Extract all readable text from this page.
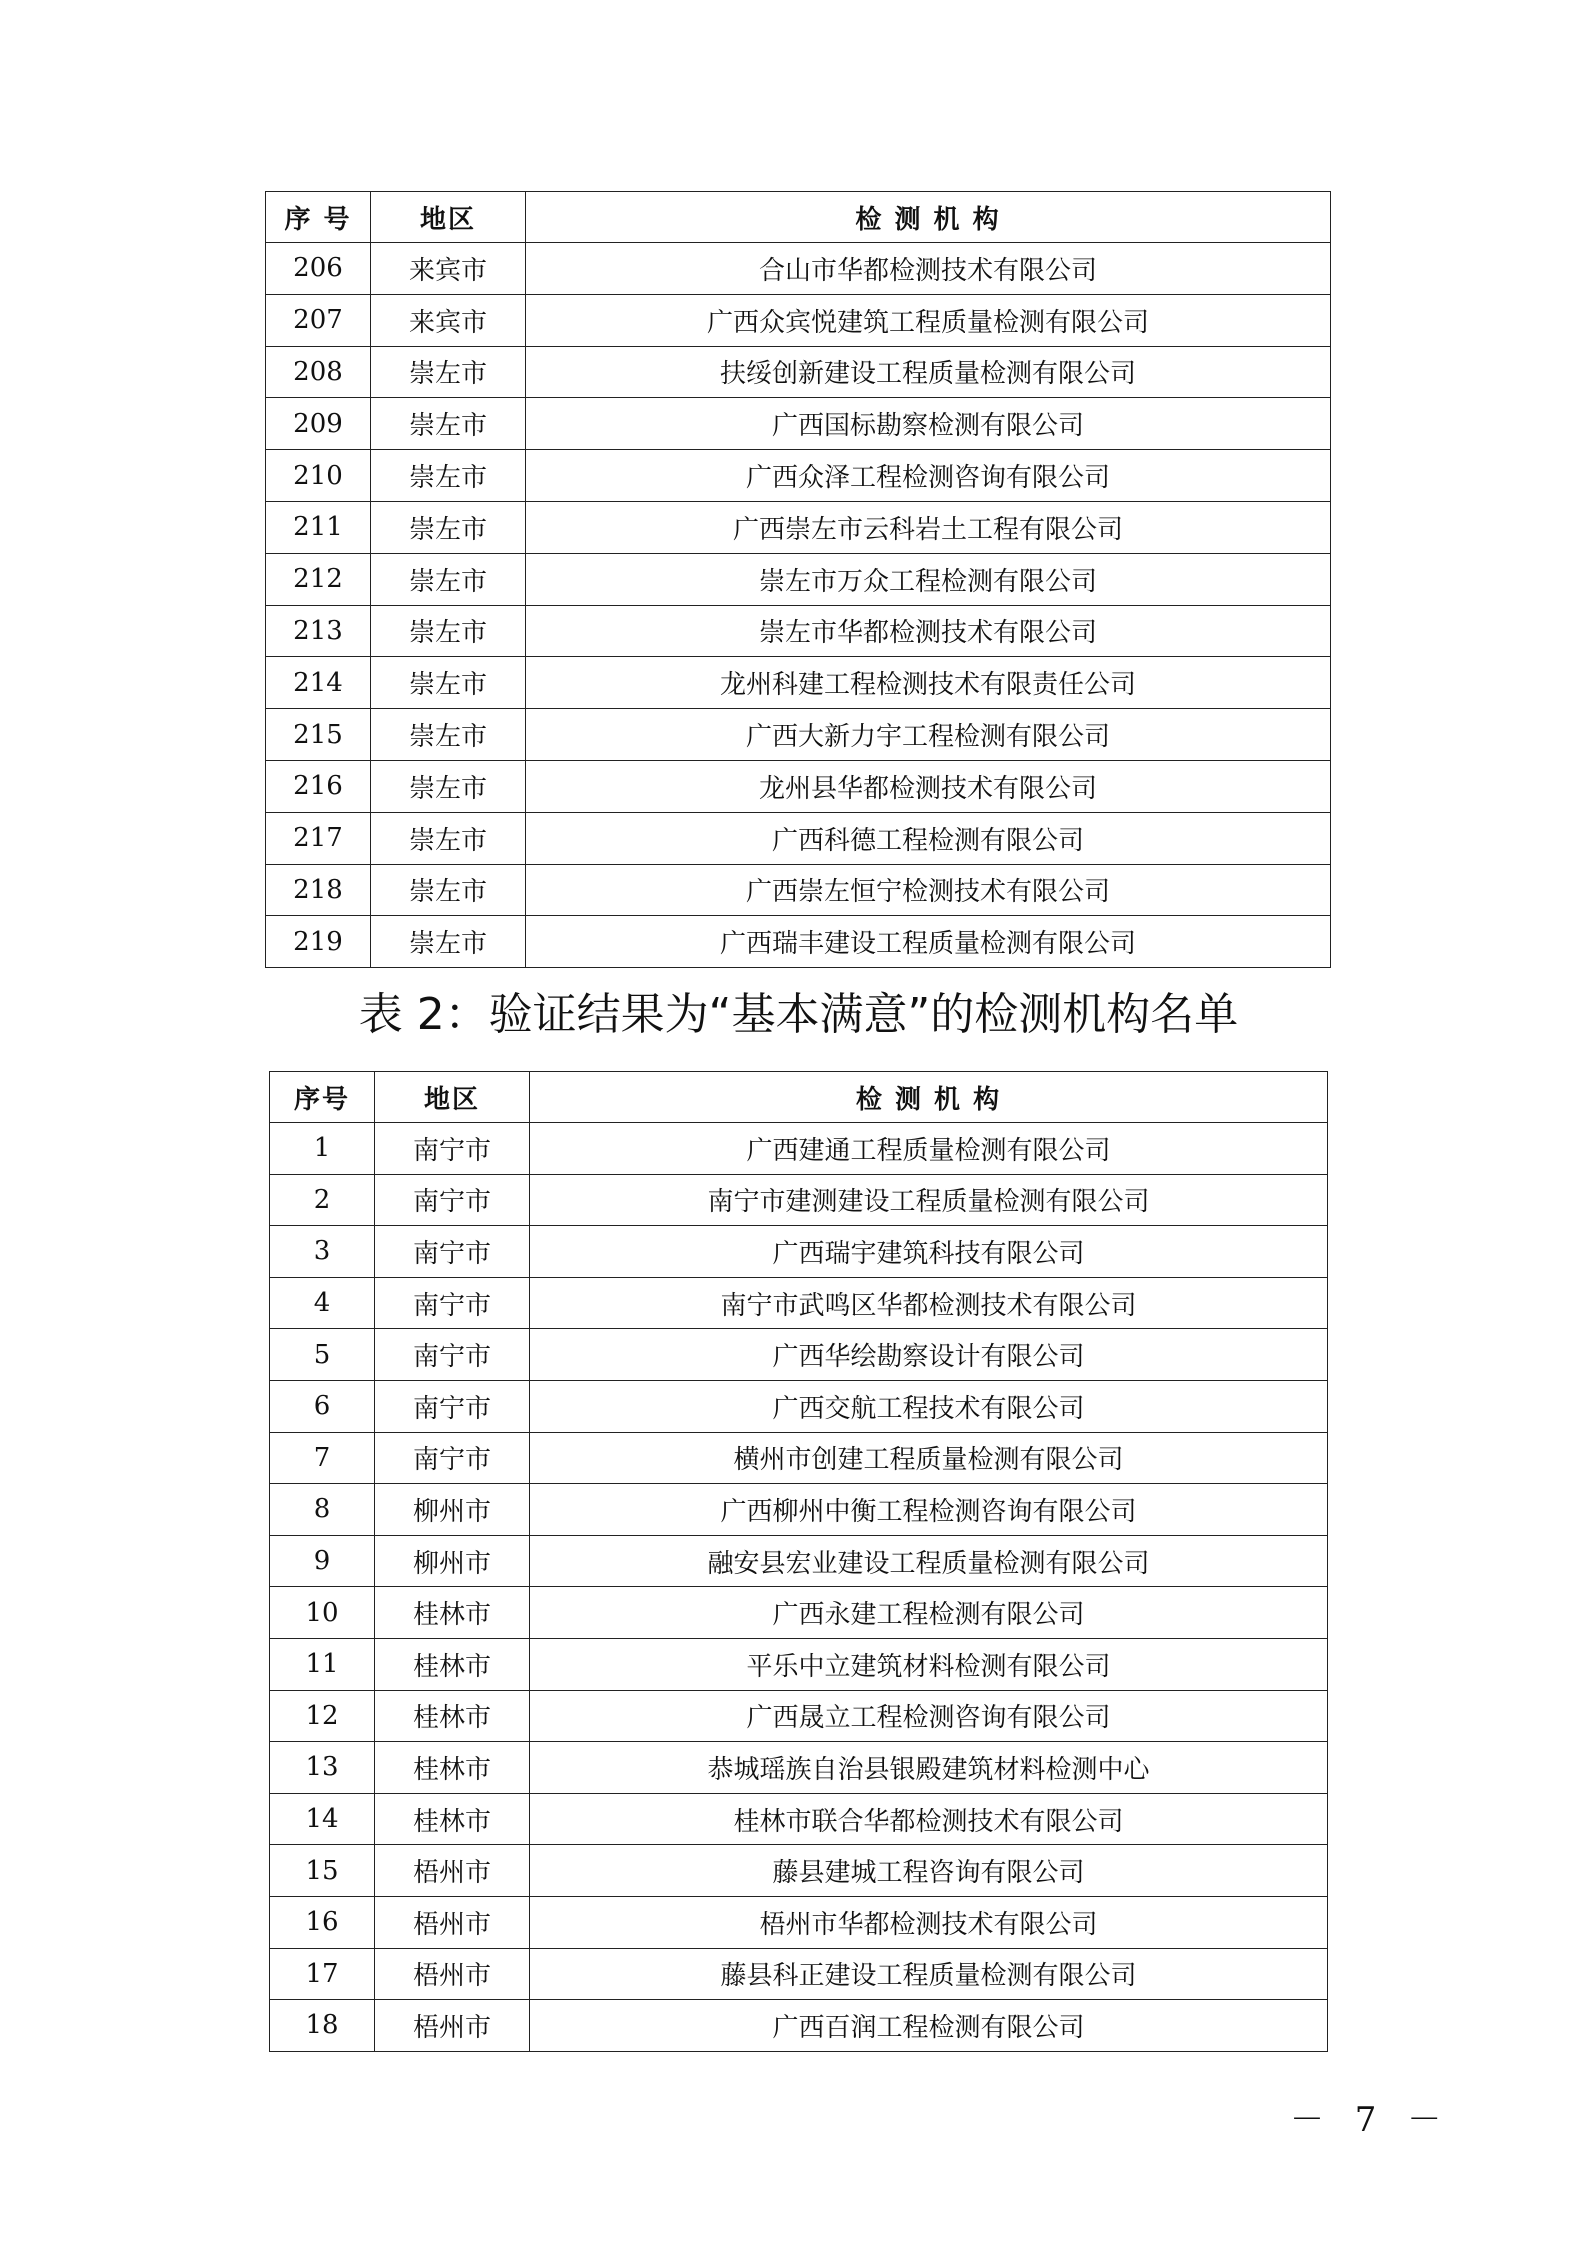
序 号	地区	检 测 机 构
206	来宾市	合山市华都检测技术有限公司
207	来宾市	广西众宾悦建筑工程质量检测有限公司
208	崇左市	扶绥创新建设工程质量检测有限公司
209	崇左市	广西国标勘察检测有限公司
210	崇左市	广西众泽工程检测咨询有限公司
211	崇左市	广西崇左市云科岩土工程有限公司
212	崇左市	崇左市万众工程检测有限公司
213	崇左市	崇左市华都检测技术有限公司
214	崇左市	龙州科建工程检测技术有限责任公司
215	崇左市	广西大新力宇工程检测有限公司
216	崇左市	龙州县华都检测技术有限公司
217	崇左市	广西科德工程检测有限公司
218	崇左市	广西崇左恒宁检测技术有限公司
219	崇左市	广西瑞丰建设工程质量检测有限公司
表 2：验证结果为“基本满意”的检测机构名单
序号	地区	检 测 机 构
1	南宁市	广西建通工程质量检测有限公司
2	南宁市	南宁市建测建设工程质量检测有限公司
3	南宁市	广西瑞宇建筑科技有限公司
4	南宁市	南宁市武鸣区华都检测技术有限公司
5	南宁市	广西华绘勘察设计有限公司
6	南宁市	广西交航工程技术有限公司
7	南宁市	横州市创建工程质量检测有限公司
8	柳州市	广西柳州中衡工程检测咨询有限公司
9	柳州市	融安县宏业建设工程质量检测有限公司
10	桂林市	广西永建工程检测有限公司
11	桂林市	平乐中立建筑材料检测有限公司
12	桂林市	广西晟立工程检测咨询有限公司
13	桂林市	恭城瑶族自治县银殿建筑材料检测中心
14	桂林市	桂林市联合华都检测技术有限公司
15	梧州市	藤县建城工程咨询有限公司
16	梧州市	梧州市华都检测技术有限公司
17	梧州市	藤县科正建设工程质量检测有限公司
18	梧州市	广西百润工程检测有限公司
－ 7 －
